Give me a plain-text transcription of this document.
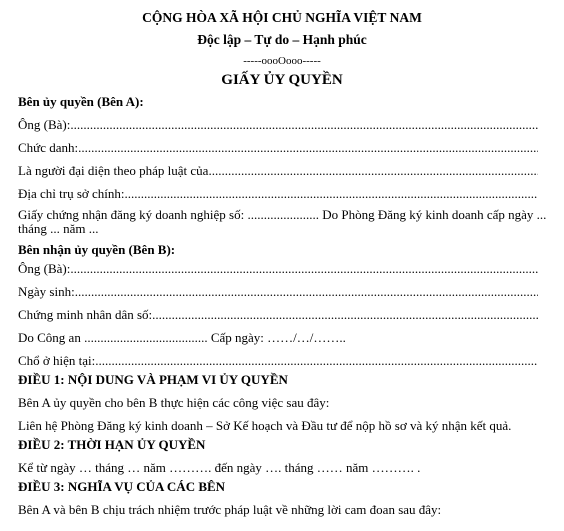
CỘNG HÒA XÃ HỘI CHỦ NGHĨA VIỆT NAM
Độc lập – Tự do – Hạnh phúc
-----oooOooo-----
GIẤY ỦY QUYỀN
Bên ủy quyền (Bên A):
Ông (Bà):
.....
Chức danh:
.....
Là người đại diện theo pháp luật của
.....
Địa chỉ trụ sở chính:
.....
Giấy chứng nhận đăng ký doanh nghiệp số: ...................... Do Phòng Đăng ký kinh doanh cấp ngày ...
tháng ... năm ...
Bên nhận ủy quyền (Bên B):
Ông (Bà):
.....
Ngày sinh:
.....
Chứng minh nhân dân số:
.....
Do Công an ...................................... Cấp ngày: ……/…/……..
Chổ ở hiện tại:
.....
ĐIỀU 1: NỘI DUNG VÀ PHẠM VI ỦY QUYỀN
Bên A ủy quyền cho bên B thực hiện các công việc sau đây:
Liên hệ Phòng Đăng ký kinh doanh – Sở Kế hoạch và Đầu tư để nộp hồ sơ và ký nhận kết quả.
ĐIỀU 2: THỜI HẠN ỦY QUYỀN
Kể từ ngày … tháng … năm ………. đến ngày …. tháng …… năm ………. .
ĐIỀU 3: NGHĨA VỤ CỦA CÁC BÊN
Bên A và bên B chịu trách nhiệm trước pháp luật về những lời cam đoan sau đây:
